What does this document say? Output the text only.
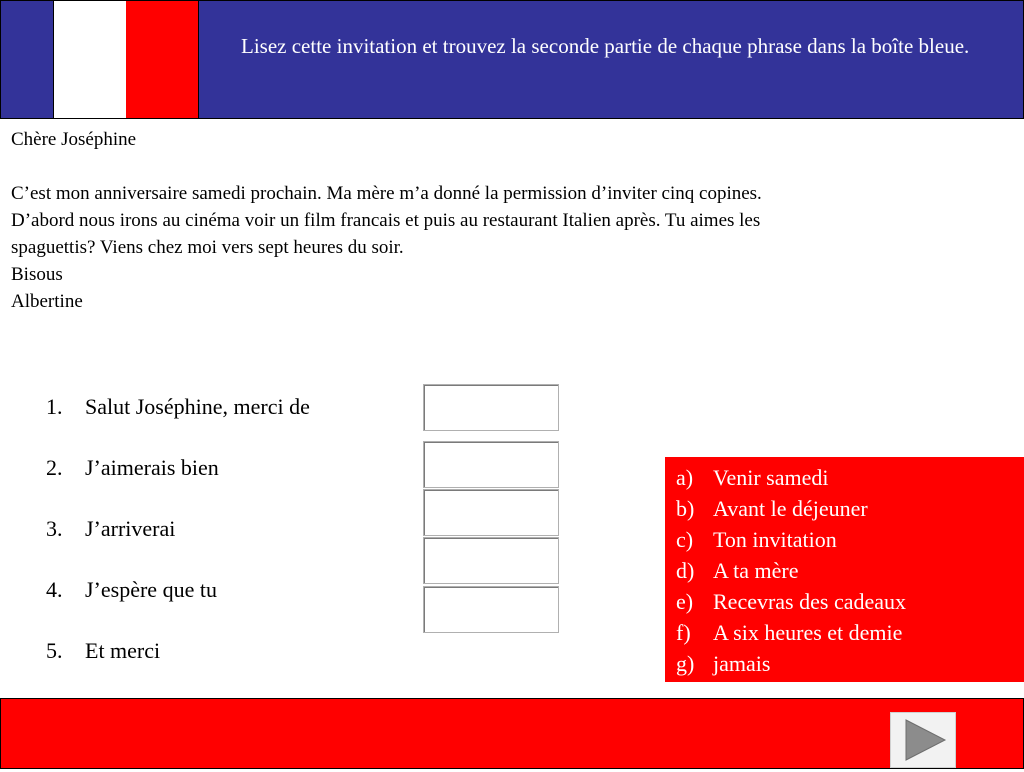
Lisez cette invitation et trouvez la seconde partie de chaque phrase dans la boîte bleue.

Chère Joséphine

C’est mon anniversaire samedi prochain. Ma mère m’a donné la permission d’inviter cinq copines.

D’abord nous irons au cinéma voir un film francais et puis au restaurant Italien après. Tu aimes les

spaguettis? Viens chez moi vers sept heures du soir.

Bisous

Albertine

1. Salut Joséphine, merci de
2. J’aimerais bien
3. J’arriverai
4. J’espère que tu
5. Et merci
a) Venir samedi
b) Avant le déjeuner
c) Ton invitation
d) A ta mère
e) Recevras des cadeaux
f) A six heures et demie
g) jamais
